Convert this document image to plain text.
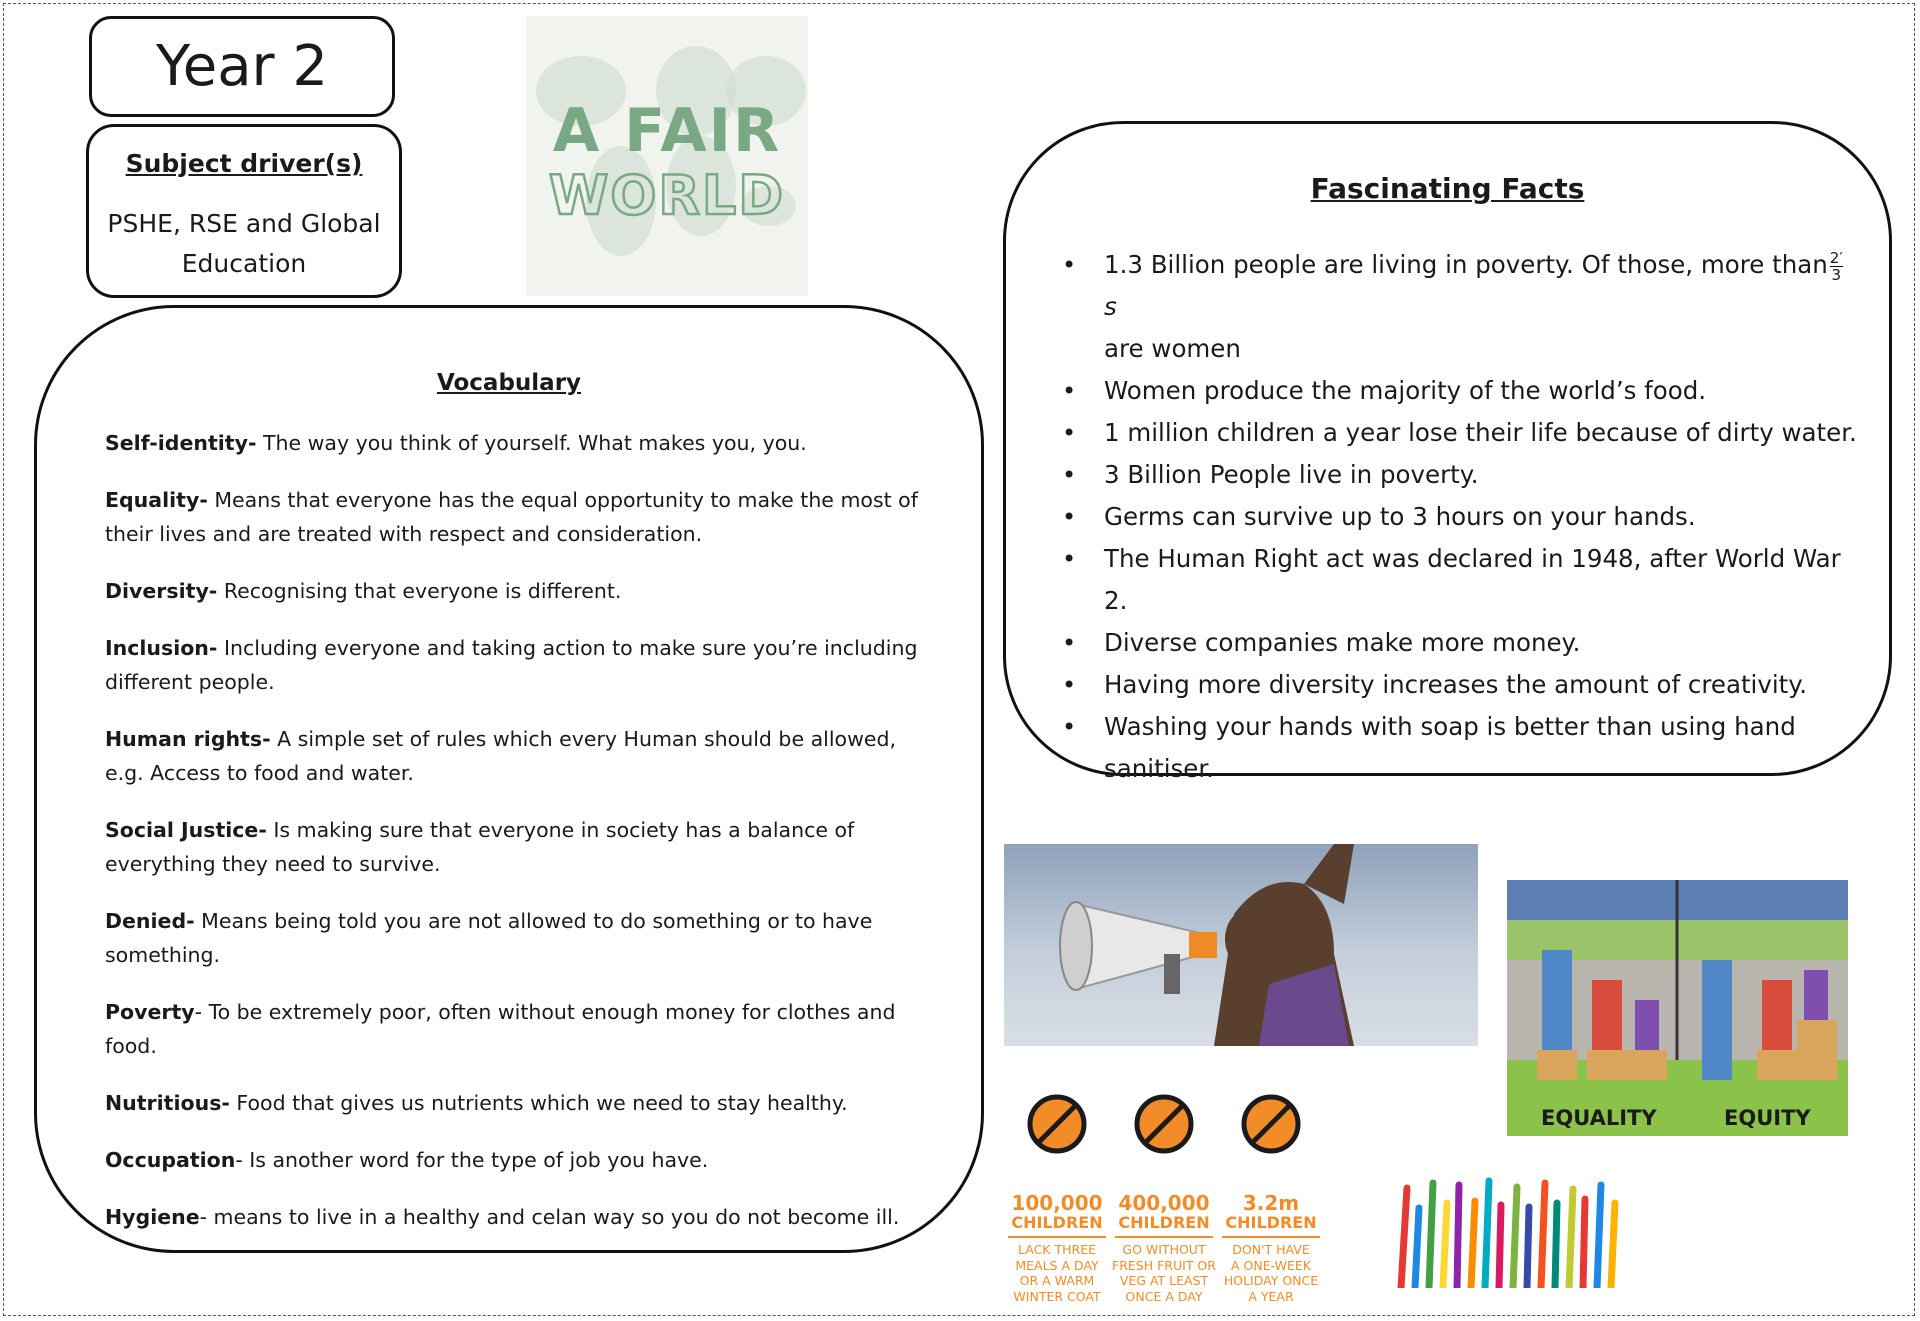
Year 2
Subject driver(s)

PSHE, RSE and Global Education

A FAIR
WORLD
Vocabulary

Self-identity- The way you think of yourself. What makes you, you.

Equality- Means that everyone has the equal opportunity to make the most of their lives and are treated with respect and consideration.

Diversity- Recognising that everyone is different.

Inclusion- Including everyone and taking action to make sure you’re including different people.

Human rights- A simple set of rules which every Human should be allowed, e.g. Access to food and water.

Social Justice- Is making sure that everyone in society has a balance of everything they need to survive.

Denied- Means being told you are not allowed to do something or to have something.

Poverty- To be extremely poor, often without enough money for clothes and food.

Nutritious- Food that gives us nutrients which we need to stay healthy.

Occupation- Is another word for the type of job you have.

Hygiene- means to live in a healthy and celan way so you do not become ill.

Fascinating Facts
• 1.3 Billion people are living in poverty. Of those, more than $\frac{2'}{3}$
s
are women
• Women produce the majority of the world’s food.
• 1 million children a year lose their life because of dirty water.
• 3 Billion People live in poverty.
• Germs can survive up to 3 hours on your hands.
• The Human Right act was declared in 1948, after World War 2.
• Diverse companies make more money.
• Having more diversity increases the amount of creativity.
• Washing your hands with soap is better than using hand sanitiser.
EQUALITY	EQUITY
100,000
CHILDREN
LACK THREE
MEALS A DAY
OR A WARM
WINTER COAT
400,000
CHILDREN
GO WITHOUT
FRESH FRUIT OR
VEG AT LEAST
ONCE A DAY
3.2m
CHILDREN
DON'T HAVE
A ONE-WEEK
HOLIDAY ONCE
A YEAR
